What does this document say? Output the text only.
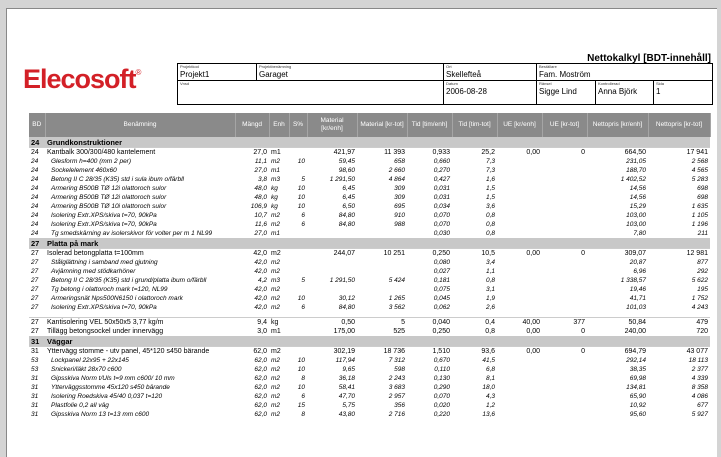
Nettokalkyl [BDT-innehåll]
Elecosoft®
Projektkod
Projekt1
Projektbenämning
Garaget
Ort
Skellefteå
Beställare
Fam. Moström
Vnsd	Datum
2006-08-28
Ränsel
Sigge Lind
Kontrollerad
Anna Björk
Sida
1
BD	Benämning	Mängd	Enh	S%	Material [kr/enh]	Material [kr-tot]	Tid [tim/enh]	Tid [tim-tot]	UE [kr/enh]	UE [kr-tot]	Nettopris [kr/enh]	Nettopris [kr-tot]
24	Grundkonstruktioner											
24	Kantbalk 300/300/480 kantelement	27,0	m1		421,97	11 393	0,933	25,2	0,00	0	664,50	17 941
24	Glesform h=400 (mm 2 per)	11,1	m2	10	59,45	658	0,660	7,3			231,05	2 568
24	Sockelelement 460x60	27,0	m1		98,60	2 660	0,270	7,3			188,70	4 565
24	Betong II C 28/35 (K35) std i sula ibum o/färbll	3,8	m3	5	1 291,50	4 864	0,427	1,6			1 402,52	5 283
24	Armering B500B TØ 12i olattoroch sulor	48,0	kg	10	6,45	309	0,031	1,5			14,56	698
24	Armering B500B TØ 12i olattoroch sulor	48,0	kg	10	6,45	309	0,031	1,5			14,56	698
24	Armering B500B TØ 10i olattoroch sulor	106,9	kg	10	6,50	695	0,034	3,6			15,29	1 635
24	Isolering Extr.XPS/skiva t=70, 90kPa	10,7	m2	6	84,80	910	0,070	0,8			103,00	1 105
24	Isolering Extr.XPS/skiva t=70, 90kPa	11,6	m2	6	84,80	988	0,070	0,8			103,00	1 196
24	Tg smedskärning av isolerskivor för volter per m 1 NL99	27,0	m1				0,030	0,8			7,80	211
27	Platta på mark											
27	Isolerad betongplatta t=100mm	42,0	m2		244,07	10 251	0,250	10,5	0,00	0	309,07	12 981
27	Stålglättning i samband med gjutning	42,0	m2				0,080	3,4			20,87	877
27	Avjämning med stödkarhöner	42,0	m2				0,027	1,1			6,96	292
27	Betong II C 28/35 (K35) std i grund/platta ibum o/färbll	4,2	m3	5	1 291,50	5 424	0,181	0,8			1 338,57	5 622
27	Tg betong i olattoroch mark t=120, NL99	42,0	m2				0,075	3,1			19,46	195
27	Armeringsnät Nps500N6150 i olattoroch mark	42,0	m2	10	30,12	1 265	0,045	1,9			41,71	1 752
27	Isolering Extr.XPS/skiva t=70, 90kPa	42,0	m2	6	84,80	3 562	0,062	2,6			101,03	4 243

27	Kantisolering VEL 50x50x5 3,77 kg/m	9,4	kg		0,50	5	0,040	0,4	40,00	377	50,84	479
27	Tillägg betongsockel under innervägg	3,0	m1		175,00	525	0,250	0,8	0,00	0	240,00	720
31	Väggar											
31	Yttervägg stomme - utv panel, 45*120 s450 bärande	62,0	m2		302,19	18 736	1,510	93,6	0,00	0	694,79	43 077
53	Lockpanel 22x95 + 22x145	62,0	m2	10	117,94	7 312	0,670	41,5			292,14	18 113
53	Snickeri/läkt 28x70 c600	62,0	m2	10	9,65	598	0,110	6,8			38,35	2 377
31	Gipsskiva Norm t/Uls t=9 mm c600/ 10 mm	62,0	m2	8	36,18	2 243	0,130	8,1			69,98	4 339
31	Ytterväggsstomme 45x120 s450 bärande	62,0	m2	10	58,41	3 683	0,290	18,0			134,81	8 358
31	Isolering Roedskiva 45/40 0,037 t=120	62,0	m2	6	47,70	2 957	0,070	4,3			65,90	4 086
31	Plastfolie 0,2 all väg	62,0	m2	15	5,75	356	0,020	1,2			10,92	677
31	Gipsskiva Norm 13 t=13 mm c600	62,0	m2	8	43,80	2 716	0,220	13,6			95,60	5 927
